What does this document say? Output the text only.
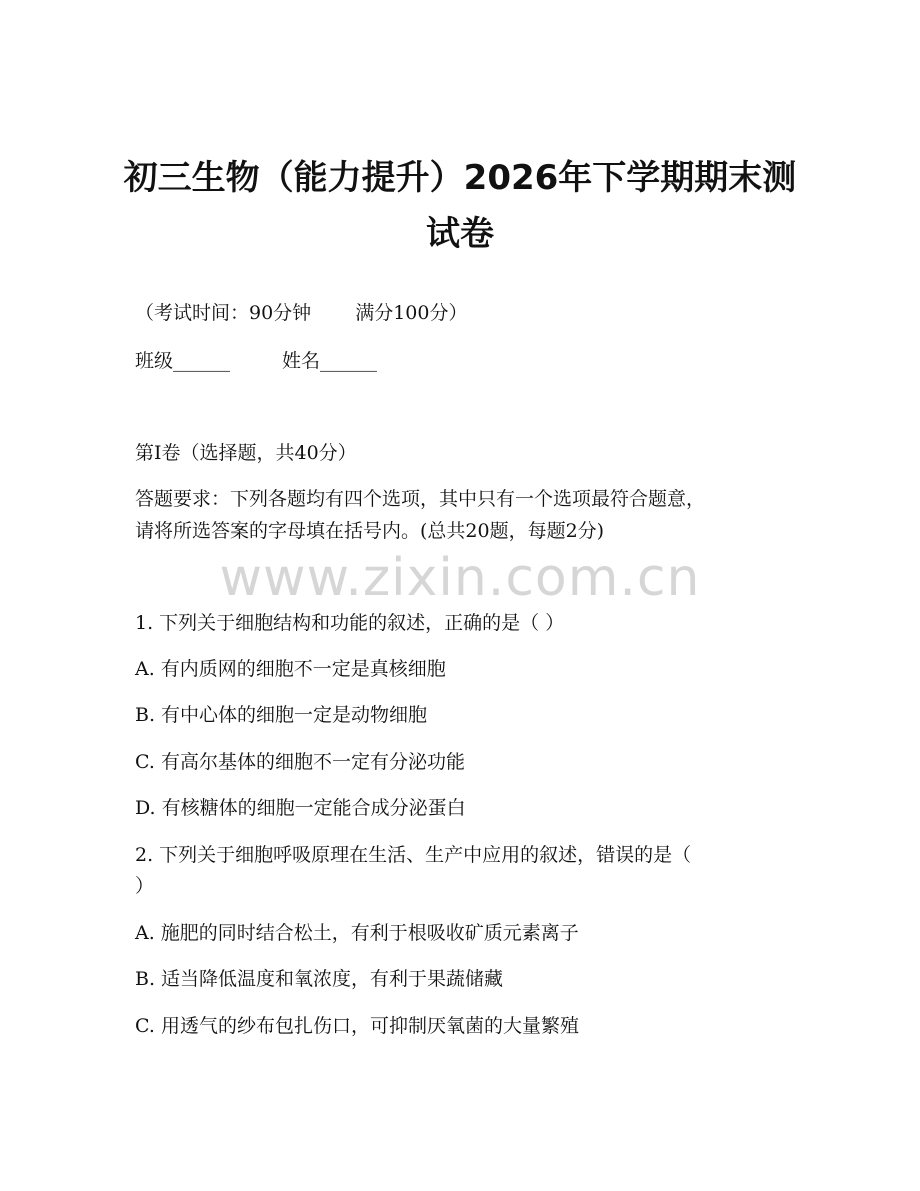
初三生物（能力提升）2026年下学期期末测
试卷
（考试时间：90分钟 满分100分）
班级______	姓名______
第I卷（选择题，共40分）
答题要求：下列各题均有四个选项，其中只有一个选项最符合题意，
请将所选答案的字母填在括号内。(总共20题，每题2分)
www.zixin.com.cn
1. 下列关于细胞结构和功能的叙述，正确的是（ ）
A. 有内质网的细胞不一定是真核细胞
B. 有中心体的细胞一定是动物细胞
C. 有高尔基体的细胞不一定有分泌功能
D. 有核糖体的细胞一定能合成分泌蛋白
2. 下列关于细胞呼吸原理在生活、生产中应用的叙述，错误的是（
）
A. 施肥的同时结合松土，有利于根吸收矿质元素离子
B. 适当降低温度和氧浓度，有利于果蔬储藏
C. 用透气的纱布包扎伤口，可抑制厌氧菌的大量繁殖
